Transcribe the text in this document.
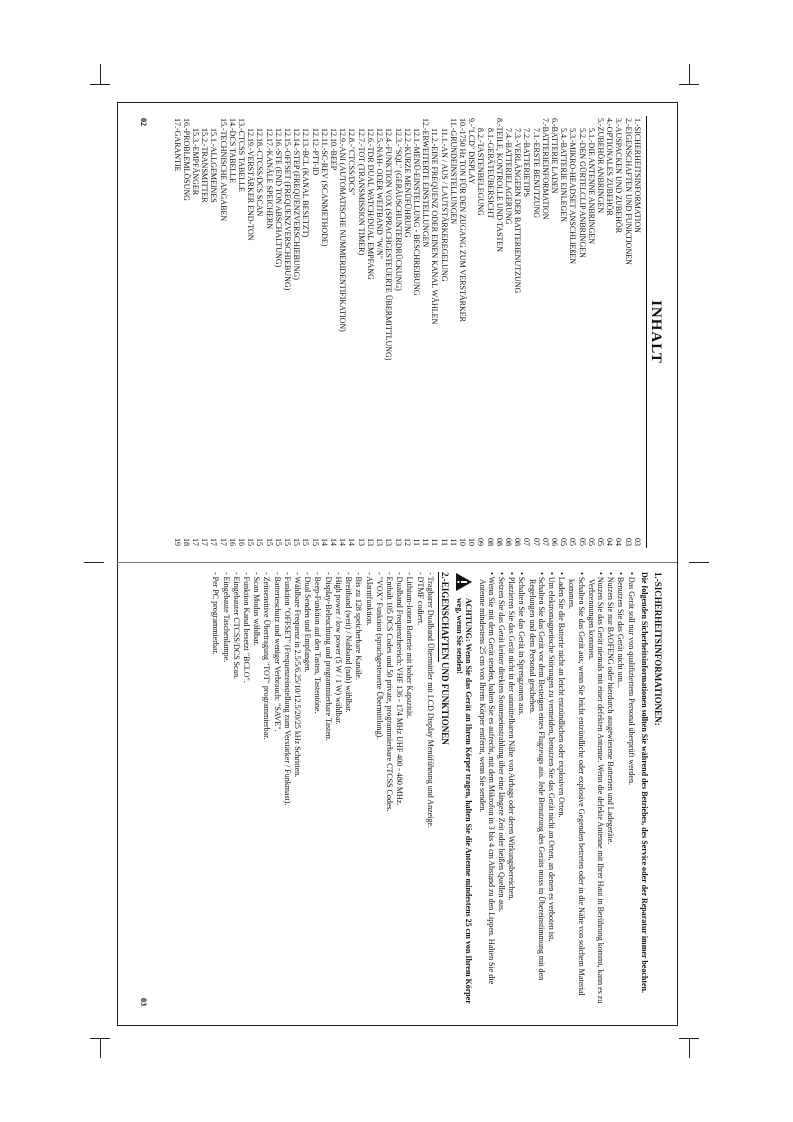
INHALT
1.-SICHERHEITSINFORMATION
03
2.-EIGENSCHAFTEN UND FUNKTIONEN
03
3.-AUSPACKEN UND ZUBEHÖR
04
4.-OPTIONALES ZUBEHÖR
04
5.-ZUBEHÖR ANBRINGEN
05
5.1.-DIE ANTENNE ANBRINGEN
05
5.2.-DEN GÜRTELCLIP ANBRINGEN
05
5.3.-MIKRO-HEADSET ANSCHLIEßEN
05
5.4.-BATTERIE EINLEGEN
05
6.-BATTERIE LADEN
06
7.-BATTERIEINFORMATION
07
7.1.-ERSTE BENUTZUNG
07
7.2.-BATTERIETIPS
07
7.3.-VERLÄNGERN DER BATTERIENUTZUNG
08
7.4.-BATTERIELAGERUNG
08
8.-TEILE, KONTROLLE UND TASTEN
08
8.1.-GERÄTEÜBERSICHT
08
8.2.-TASTENBELEGUNG
09
9.-"LCD" DISPLAY
10
10.-1750 Hz TON FÜR DEN ZUGANG ZUM VERSTÄRKER
10
11.-GRUNDEINSTELLUNGEN
11
11.1.-AN / AUS / LAUTSTÄRKEREGELUNG
11
11.2.-EINE FREQUENZ ODER EINEN KANAL WÄHLEN
11
12.-ERWEITERTE EINSTELLUNGEN
11
12.1.-MENÜ-EINSTELLUNG - BESCHREIBUNG
11
12.2.-KURZE MENÜFÜHRUNG
12
12.3.-"SQL" (GERÄUSCHUNTERDRÜCKUNG)
13
12.4.-FUNKTION VOX (SPRACHGESTEUERTE ÜBERMITTLUNG)
13
12.5.-NAH- ODER WEITBAND "W/N"
13
12.6.-TDR DUAL WATCH/DUAL EMPFANG
13
12.7.-TOT (TRANSMISSION TIMER)
13
12.8.-"CTCSS/DCS"
14
12.9.-ANI (AUTOMATISCHE NUMMERIDENTIFIKATION)
14
12.10.-BEEP
14
12.11.-SC-REV (SCANMETHODE)
14
12.12.-PTT-ID
15
12.13.-BCL (KANAL BESETZT)
15
12.14.-STEP (FREQUENZVERSCHIEBUNG)
15
12.15.-OFFSET (FREQUENZVERSCHIEBUNG)
15
12.16.-STE (END TON ABSCHALTUNG)
15
12.17.-KANÄLE SPEICHERN
15
12.18.-CTCSS/DCS SCAN
15
12.19.-VERSTÄRKER END-TON
15
13.-CTCSS TABELLE
16
14.-DCS TABELLE
16
15.-TECHNISCHE ANGABEN
17
15.1.-ALLGEMEINES
17
15.2.-TRANSMITTER
17
15.3.-EMPFÄNGER
17
16.-PROBLEMLÖSUNG
18
17.-GARANTIE
19
02
1.-SICHERHEITSINFORMATIONEN:
Die folgenden Sicherheitsinformationen sollten Sie während des Betriebes, des Service oder der Reparatur immer beachten.
• Das Gerät soll nur von qualifiziertem Personal überprüft werden.
• Benutzen Sie das Gerät nicht um...
• Nutzen Sie nur BAOFENG oder hierdurch ausgewiesene Batterien und Ladegeräte.
• Nutzen Sie das Gerät niemals mit einer defekten Antenne. Wenn die defekte Antenne mit Ihrer Haut in Berührung kommt, kann es zu Verbrennungen kommen.
• Schalten Sie das Gerät aus, wenn Sie leicht entzündliche oder explosive Gegenden betreten oder in die Nähe von solchem Material kommen.
• Laden Sie die Batterie nicht an leicht entzündlichen oder explosiven Orten.
• Um elektromagnetische Störungen zu vermeiden, benutzen Sie das Gerät nicht an Orten, an denen es verboten ist.
• Schalten Sie das Gerät vor dem Besteigen eines Flugzeugs aus. Jede Benutzung des Geräts muss in Übereinstimmung mit den Regelungen und dem Personal geschehen.
• Schalten Sie das Gerät in Sprengzonen aus.
• Platzieren Sie das Gerät nicht in der unmittelbaren Nähe von Airbags oder deren Wirkungsbereichen.
• Setzen Sie das Gerät keiner direkten Sonneneinstrahlung über eine längere Zeit oder heißen Quellen aus.
• Wenn Sie mit dem Gerät senden, halten Sie es aufrecht, mit dem Mikrofon in 3 bis 4 cm Abstand zu den Lippen. Halten Sie die Antenne mindestens 25 cm von Ihrem Körper entfernt, wenn Sie senden.
ACHTUNG: Wenn Sie das Gerät an Ihrem Körper tragen, halten Sie die Antenne mindestens 25 cm von Ihrem Körper weg, wenn Sie senden!
2.-EIGENSCHAFTEN UND FUNKTIONEN
- Tragbarer Dualband Übermittler mit LCD Display Menüführung und Anzeige.
- DTMF codiert.
- Lithium-Ionen Batterie mit hoher Kapazität.
- Dualband Frequenzbereich: VHF 136 - 174 MHz UHF 400 - 480 MHz.
- Enthält 105 DCS Codes und 50 private, programmierbare CTCSS Codes.
- "VOX" Funktion (sprachgesteuerte Übermittlung).
- Alarmfunktion.
- Bis zu 128 speicherbare Kanäle.
- Breitband (weit) / Nahband (nah) wählbar.
- High power / low power (5 W / 1 W) wählbar.
- Display-Beleuchtung und programmierbare Tasten.
- Beep-Funktion auf den Tasten, Tastentöne.
- Dual Senden und Empfangen.
- Wählbare Frequenz in 2.5/5/6.25/10/12.5/20/25 kHz Schritten.
- Funktion "OFFSET" (Frequenzeinstellung zum Verstärker / Funkmast).
- Batterieschutz und weniger Verbrauch: "SAVE".
- Zeitsensitive Übertragung "TOT" programmierbar.
- Scan Modus wählbar.
- Funktion Kanal besetzt "BCLO".
- Eingebauter CTCSS/DCS Scan.
- Eingebaute Taschenlampe.
- Per PC programmierbar.
03
